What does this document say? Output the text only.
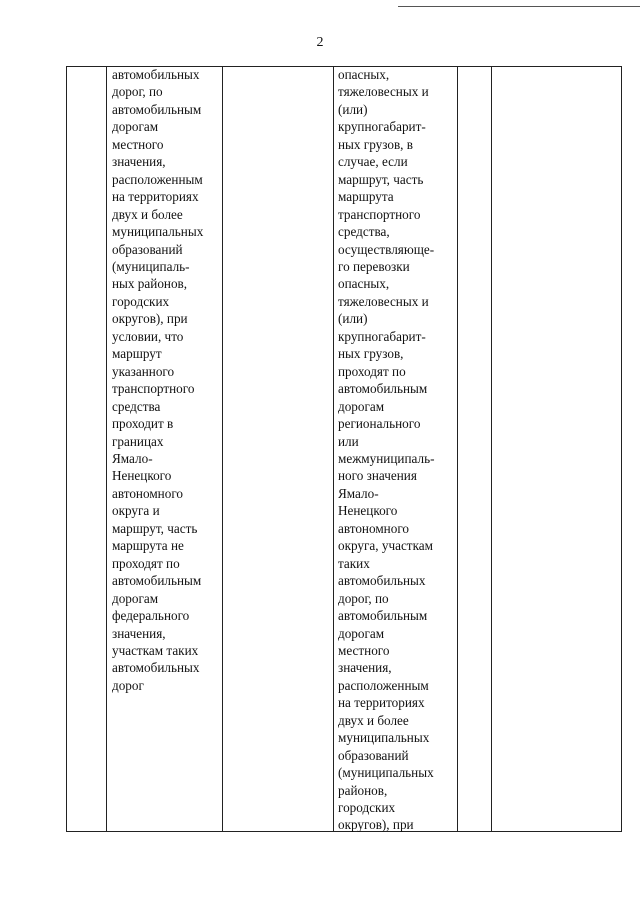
2
автомобильных
дорог, по
автомобильным
дорогам
местного
значения,
расположенным
на территориях
двух и более
муниципальных
образований
(муниципаль-
ных районов,
городских
округов), при
условии, что
маршрут
указанного
транспортного
средства
проходит в
границах
Ямало-
Ненецкого
автономного
округа и
маршрут, часть
маршрута не
проходят по
автомобильным
дорогам
федерального
значения,
участкам таких
автомобильных
дорог
опасных,
тяжеловесных и
(или)
крупногабарит-
ных грузов, в
случае, если
маршрут, часть
маршрута
транспортного
средства,
осуществляюще-
го перевозки
опасных,
тяжеловесных и
(или)
крупногабарит-
ных грузов,
проходят по
автомобильным
дорогам
регионального
или
межмуниципаль-
ного значения
Ямало-
Ненецкого
автономного
округа, участкам
таких
автомобильных
дорог, по
автомобильным
дорогам
местного
значения,
расположенным
на территориях
двух и более
муниципальных
образований
(муниципальных
районов,
городских
округов), при
